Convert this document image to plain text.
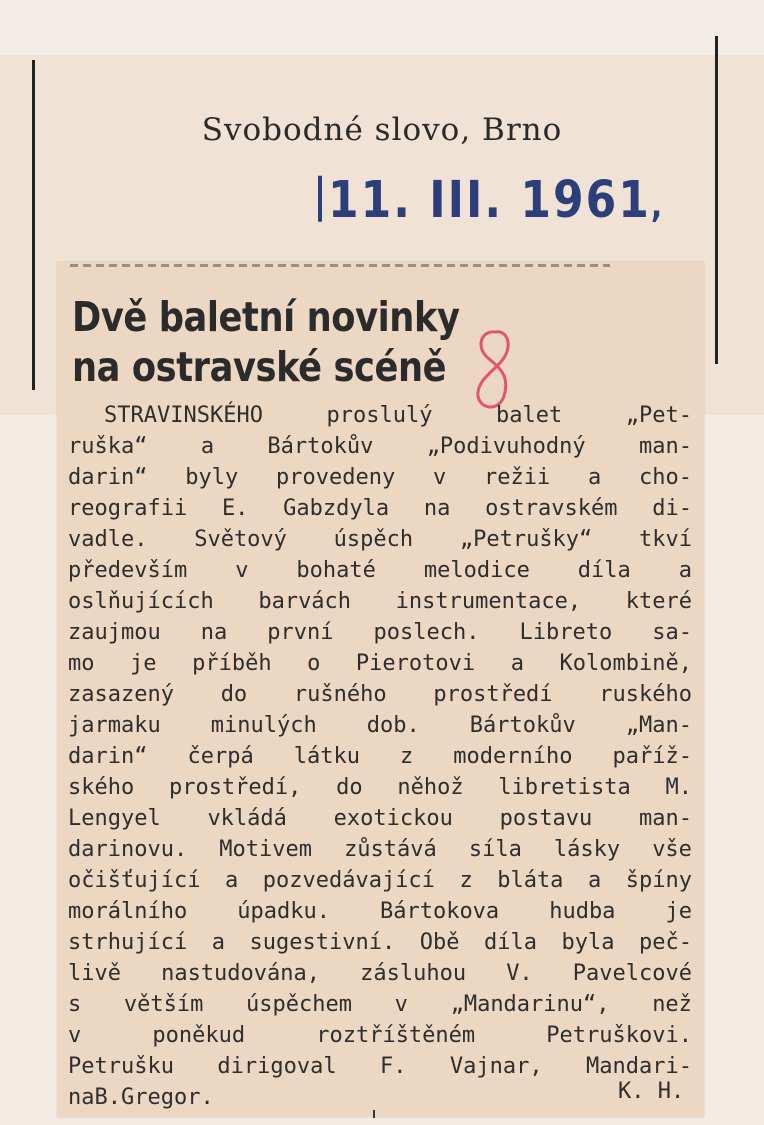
Svobodné slovo, Brno
11. III. 1961,
Dvě baletní novinky
na ostravské scéně
STRAVINSKÉHO	proslulý	balet	„Pet-
ruška“ a Bártokův „Podivuhodný man-
darin“ byly provedeny v režii a cho-
reografii E. Gabzdyla na ostravském di-
vadle. Světový úspěch „Petrušky“ tkví
především v bohaté melodice díla a
oslňujících barvách instrumentace, které
zaujmou na první poslech. Libreto sa-
mo je příběh o Pierotovi a Kolombině,
zasazený do rušného prostředí ruského
jarmaku minulých dob. Bártokův „Man-
darin“ čerpá látku z moderního paříž-
ského prostředí, do něhož libretista M.
Lengyel vkládá exotickou postavu man-
darinovu. Motivem zůstává síla lásky vše
očišťující a pozvedávající z bláta a špíny
morálního úpadku. Bártokova hudba je
strhující a sugestivní. Obě díla byla peč-
livě nastudována, zásluhou V. Pavelcové
s větším úspěchem v „Mandarinu“, než
v	poněkud	roztříštěném	Petruškovi.
Petrušku dirigoval F. Vajnar, Mandari-
na B. Gregor.	K. H.
